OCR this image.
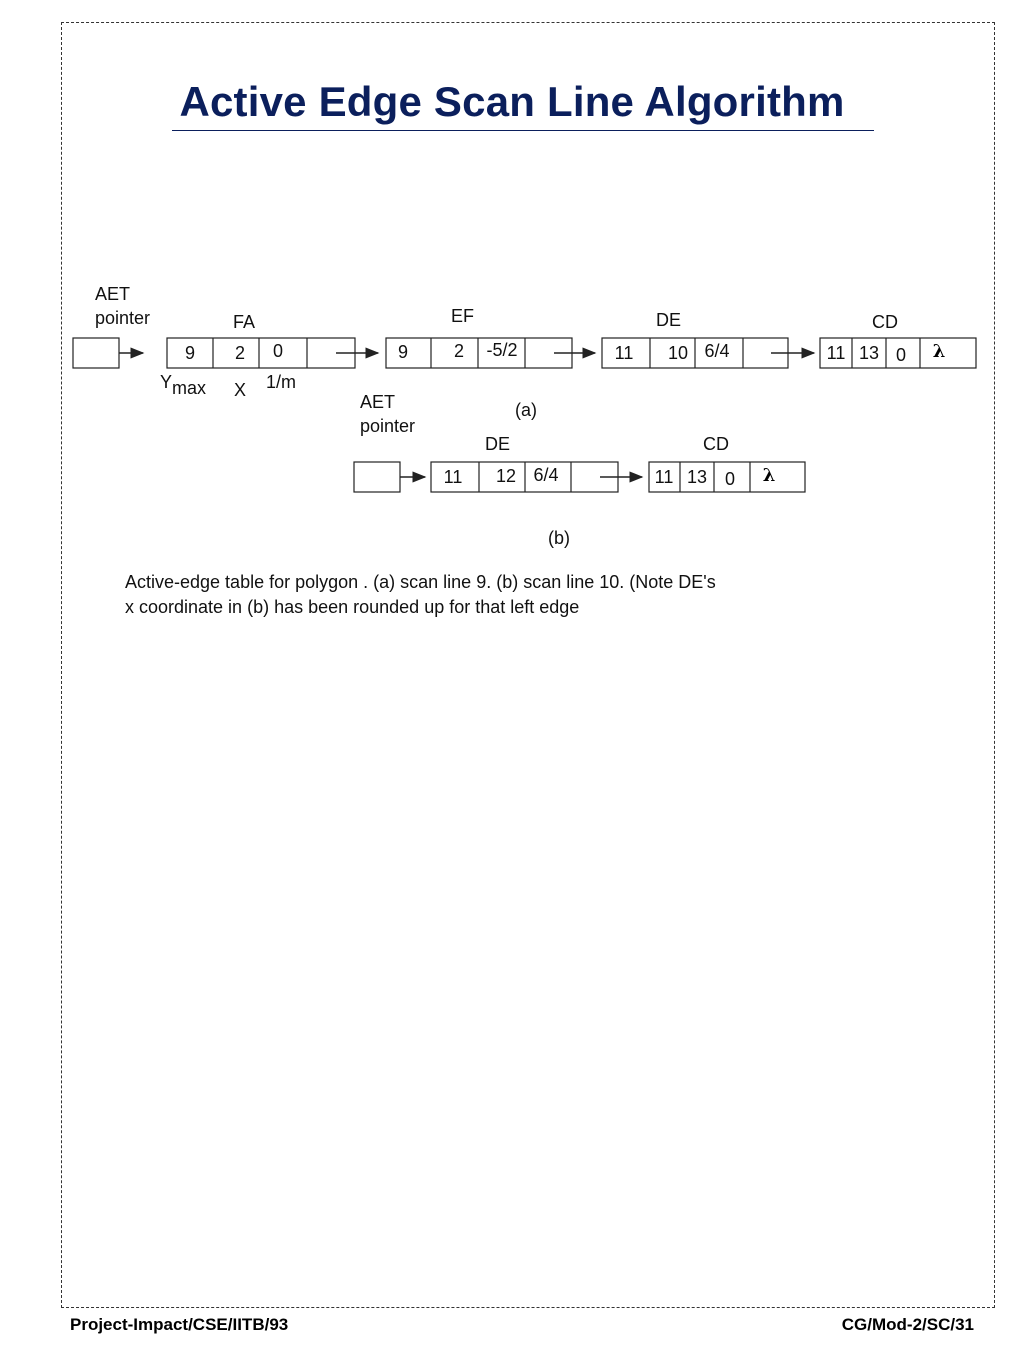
Active Edge Scan Line Algorithm
AET
pointer	FA
9 2 0
Ymax X 1/m
EF
9	2 -5/2
DE
11 10 6/4
CD
11 13 0 λ
(a)
AET
pointer
DE
11 12 6/4
CD
11 13 0 λ
(b)
Active-edge table for polygon . (a) scan line 9. (b) scan line 10. (Note DE's
x coordinate in (b) has been rounded up for that left edge
Project-Impact/CSE/IITB/93	CG/Mod-2/SC/31
